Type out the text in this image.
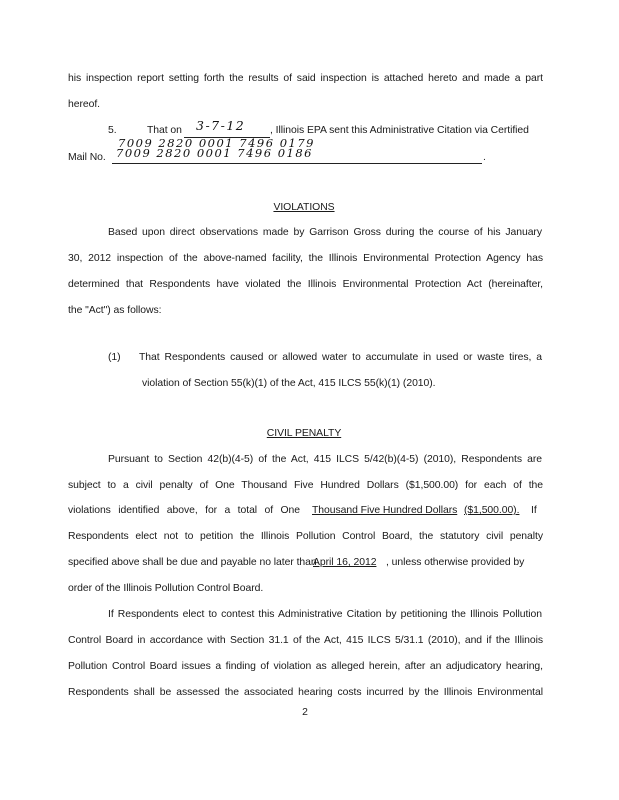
his inspection report setting forth the results of said inspection is attached hereto and made a part
hereof.
5.	That on	3-7-12 , Illinois EPA sent this Administrative Citation via Certified
7009 2820 0001 7496 0179
Mail No. 7009 2820 0001 7496 0186	.
VIOLATIONS
Based upon direct observations made by Garrison Gross during the course of his January
30, 2012 inspection of the above-named facility, the Illinois Environmental Protection Agency has
determined that Respondents have violated the Illinois Environmental Protection Act (hereinafter,
the "Act") as follows:
(1)	That Respondents caused or allowed water to accumulate in used or waste tires, a
violation of Section 55(k)(1) of the Act, 415 ILCS 55(k)(1) (2010).
CIVIL PENALTY
Pursuant to Section 42(b)(4-5) of the Act, 415 ILCS 5/42(b)(4-5) (2010), Respondents are
subject to a civil penalty of One Thousand Five Hundred Dollars ($1,500.00) for each of the
violations identified above, for a total of One Thousand Five Hundred Dollars ($1,500.00).	If
Respondents elect not to petition the Illinois Pollution Control Board, the statutory civil penalty
specified above shall be due and payable no later than
April 16, 2012 , unless otherwise provided by
order of the Illinois Pollution Control Board.
If Respondents elect to contest this Administrative Citation by petitioning the Illinois Pollution
Control Board in accordance with Section 31.1 of the Act, 415 ILCS 5/31.1 (2010), and if the Illinois
Pollution Control Board issues a finding of violation as alleged herein, after an adjudicatory hearing,
Respondents shall be assessed the associated hearing costs incurred by the Illinois Environmental
2
